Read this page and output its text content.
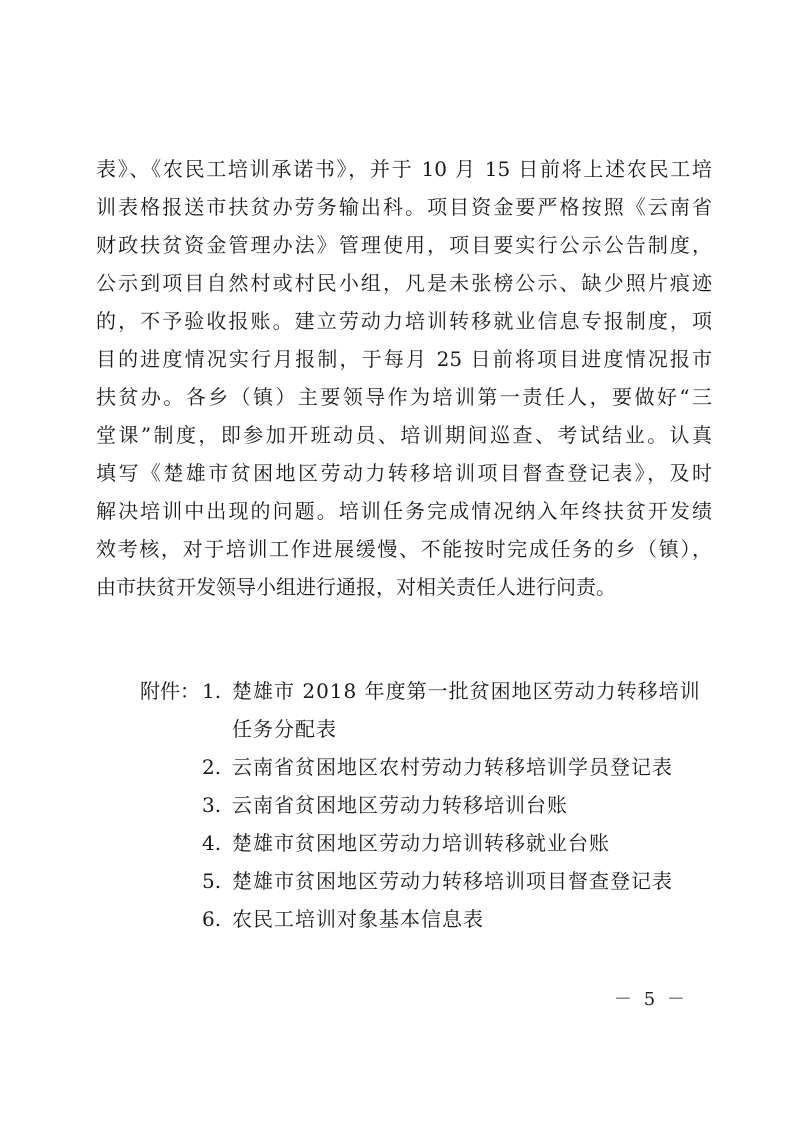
表》、《农民工培训承诺书》，并于 10 月 15 日前将上述农民工培
训表格报送市扶贫办劳务输出科。项目资金要严格按照《云南省
财政扶贫资金管理办法》管理使用，项目要实行公示公告制度，
公示到项目自然村或村民小组，凡是未张榜公示、缺少照片痕迹
的，不予验收报账。建立劳动力培训转移就业信息专报制度，项
目的进度情况实行月报制，于每月 25 日前将项目进度情况报市
扶贫办。各乡（镇）主要领导作为培训第一责任人，要做好“三
堂课”制度，即参加开班动员、培训期间巡查、考试结业。认真
填写《楚雄市贫困地区劳动力转移培训项目督查登记表》，及时
解决培训中出现的问题。培训任务完成情况纳入年终扶贫开发绩
效考核，对于培训工作进展缓慢、不能按时完成任务的乡（镇），
由市扶贫开发领导小组进行通报，对相关责任人进行问责。
附件： 1. 楚雄市 2018 年度第一批贫困地区劳动力转移培训
任务分配表
2. 云南省贫困地区农村劳动力转移培训学员登记表
3. 云南省贫困地区劳动力转移培训台账
4. 楚雄市贫困地区劳动力培训转移就业台账
5. 楚雄市贫困地区劳动力转移培训项目督查登记表
6. 农民工培训对象基本信息表
－ 5 －
